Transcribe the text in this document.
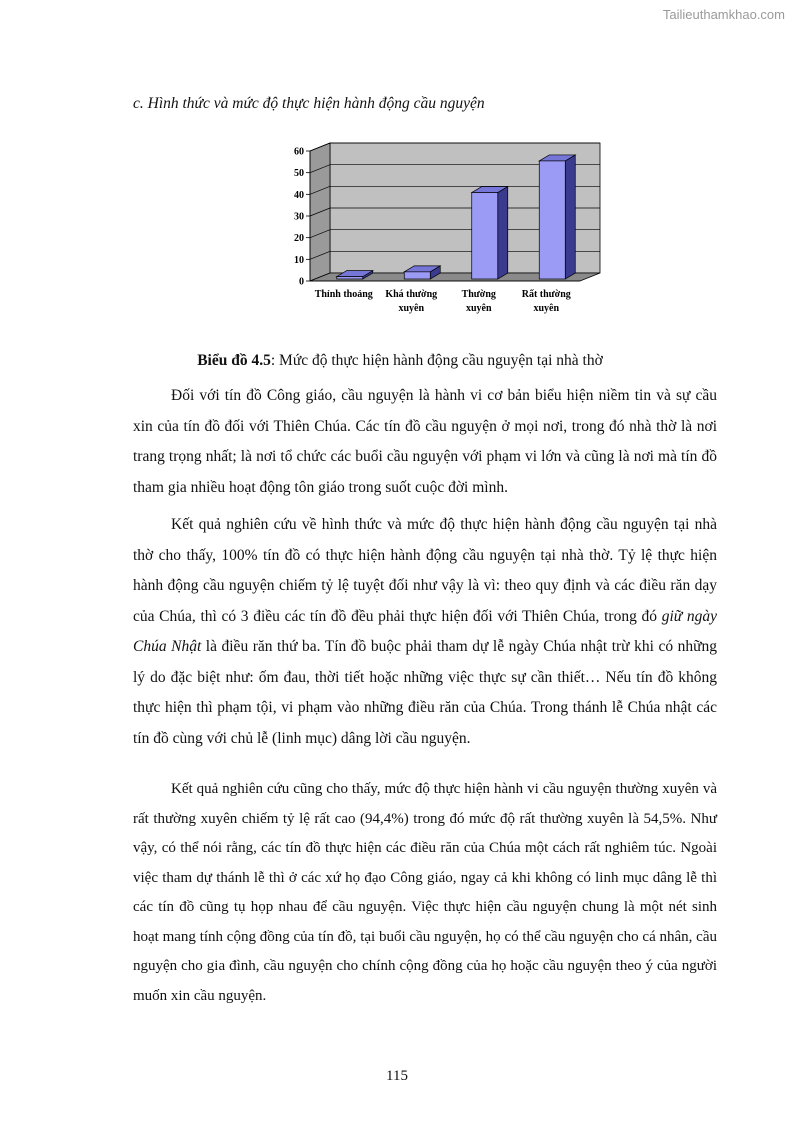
Tailieuthamkhao.com
c. Hình thức và mức độ thực hiện hành động cầu nguyện
0
10
20
30
40
50
60
Thỉnh thoảng Khá thường
xuyên
Thường
xuyên
Rất thường
xuyên
Biểu đồ 4.5: Mức độ thực hiện hành động cầu nguyện tại nhà thờ

Đối với tín đồ Công giáo, cầu nguyện là hành vi cơ bản biểu hiện niềm tin và sự cầu xin của tín đồ đối với Thiên Chúa. Các tín đồ cầu nguyện ở mọi nơi, trong đó nhà thờ là nơi trang trọng nhất; là nơi tổ chức các buổi cầu nguyện với phạm vi lớn và cũng là nơi mà tín đồ tham gia nhiều hoạt động tôn giáo trong suốt cuộc đời mình.

Kết quả nghiên cứu về hình thức và mức độ thực hiện hành động cầu nguyện tại nhà thờ cho thấy, 100% tín đồ có thực hiện hành động cầu nguyện tại nhà thờ. Tỷ lệ thực hiện hành động cầu nguyện chiếm tỷ lệ tuyệt đối như vậy là vì: theo quy định và các điều răn dạy của Chúa, thì có 3 điều các tín đồ đều phải thực hiện đối với Thiên Chúa, trong đó giữ ngày Chúa Nhật là điều răn thứ ba. Tín đồ buộc phải tham dự lễ ngày Chúa nhật trừ khi có những lý do đặc biệt như: ốm đau, thời tiết hoặc những việc thực sự cần thiết… Nếu tín đồ không thực hiện thì phạm tội, vi phạm vào những điều răn của Chúa. Trong thánh lễ Chúa nhật các tín đồ cùng với chủ lễ (linh mục) dâng lời cầu nguyện.

Kết quả nghiên cứu cũng cho thấy, mức độ thực hiện hành vi cầu nguyện thường xuyên và rất thường xuyên chiếm tỷ lệ rất cao (94,4%) trong đó mức độ rất thường xuyên là 54,5%. Như vậy, có thể nói rằng, các tín đồ thực hiện các điều răn của Chúa một cách rất nghiêm túc. Ngoài việc tham dự thánh lễ thì ở các xứ họ đạo Công giáo, ngay cả khi không có linh mục dâng lễ thì các tín đồ cũng tụ họp nhau để cầu nguyện. Việc thực hiện cầu nguyện chung là một nét sinh hoạt mang tính cộng đồng của tín đồ, tại buổi cầu nguyện, họ có thể cầu nguyện cho cá nhân, cầu nguyện cho gia đình, cầu nguyện cho chính cộng đồng của họ hoặc cầu nguyện theo ý của người muốn xin cầu nguyện.

115
